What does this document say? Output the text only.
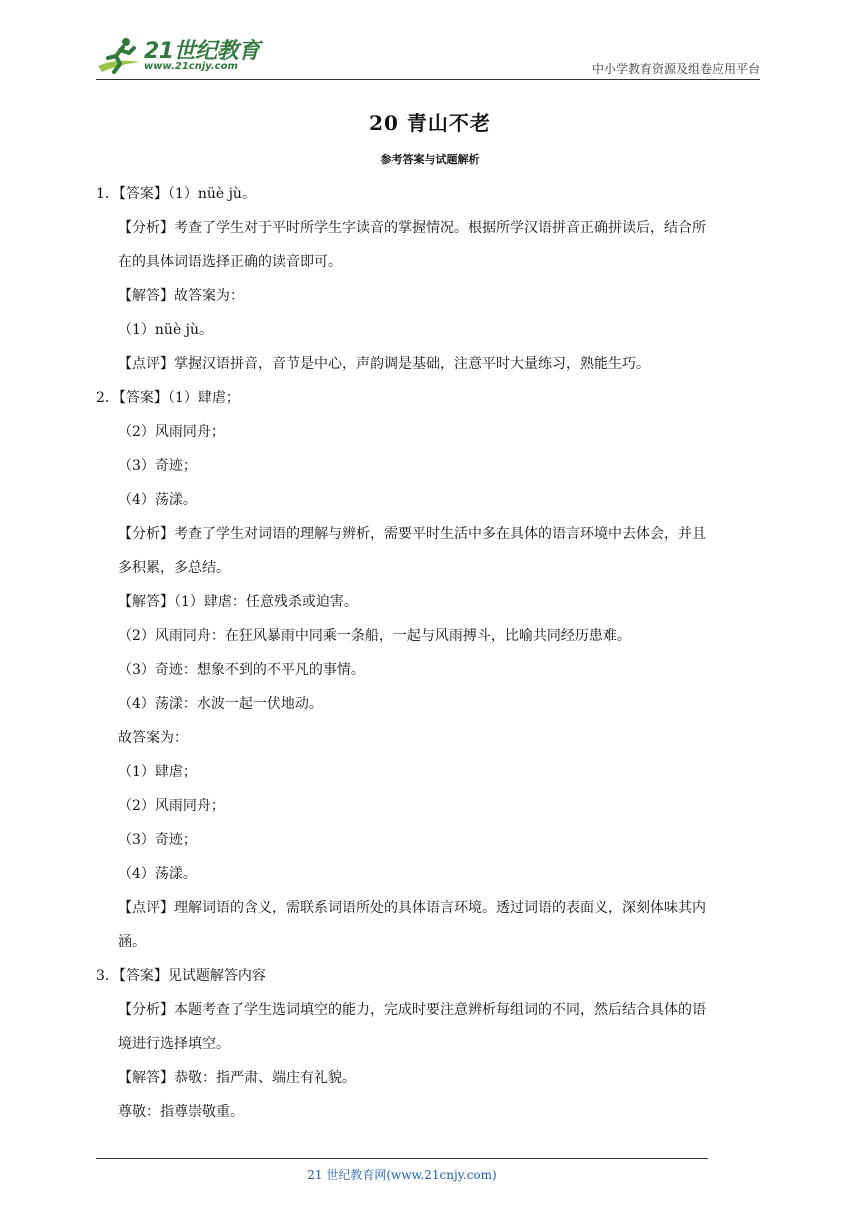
21世纪教育
www.21cnjy.com	中小学教育资源及组卷应用平台
20 青山不老
参考答案与试题解析
1．【答案】（1）nüè jù。
【分析】考查了学生对于平时所学生字读音的掌握情况。根据所学汉语拼音正确拼读后，结合所
在的具体词语选择正确的读音即可。
【解答】故答案为：
（1）nüè jù。
【点评】掌握汉语拼音，音节是中心，声韵调是基础，注意平时大量练习，熟能生巧。
2．【答案】（1）肆虐；
（2）风雨同舟；
（3）奇迹；
（4）荡漾。
【分析】考查了学生对词语的理解与辨析，需要平时生活中多在具体的语言环境中去体会，并且
多积累，多总结。
【解答】（1）肆虐：任意残杀或迫害。
（2）风雨同舟：在狂风暴雨中同乘一条船，一起与风雨搏斗，比喻共同经历患难。
（3）奇迹：想象不到的不平凡的事情。
（4）荡漾：水波一起一伏地动。
故答案为：
（1）肆虐；
（2）风雨同舟；
（3）奇迹；
（4）荡漾。
【点评】理解词语的含义，需联系词语所处的具体语言环境。透过词语的表面义，深刻体味其内
涵。
3．【答案】见试题解答内容
【分析】本题考查了学生选词填空的能力，完成时要注意辨析每组词的不同，然后结合具体的语
境进行选择填空。
【解答】恭敬：指严肃、端庄有礼貌。
尊敬：指尊崇敬重。
21 世纪教育网(www.21cnjy.com)
